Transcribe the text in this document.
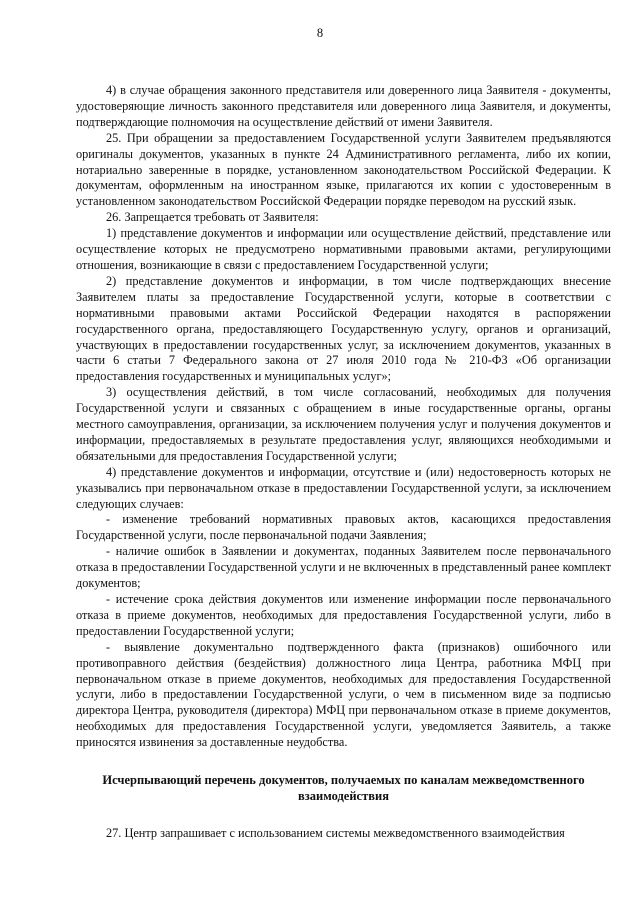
8

4) в случае обращения законного представителя или доверенного лица Заявителя - документы, удостоверяющие личность законного представителя или доверенного лица Заявителя, и документы, подтверждающие полномочия на осуществление действий от имени Заявителя.

25. При обращении за предоставлением Государственной услуги Заявителем предъявляются оригиналы документов, указанных в пункте 24 Административного регламента, либо их копии, нотариально заверенные в порядке, установленном законодательством Российской Федерации. К документам, оформленным на иностранном языке, прилагаются их копии с удостоверенным в установленном законодательством Российской Федерации порядке переводом на русский язык.

26. Запрещается требовать от Заявителя:

1) представление документов и информации или осуществление действий, представление или осуществление которых не предусмотрено нормативными правовыми актами, регулирующими отношения, возникающие в связи с предоставлением Государственной услуги;

2) представление документов и информации, в том числе подтверждающих внесение Заявителем платы за предоставление Государственной услуги, которые в соответствии с нормативными правовыми актами Российской Федерации находятся в распоряжении государственного органа, предоставляющего Государственную услугу, органов и организаций, участвующих в предоставлении государственных услуг, за исключением документов, указанных в части 6 статьи 7 Федерального закона от 27 июля 2010 года № 210-ФЗ «Об организации предоставления государственных и муниципальных услуг»;

3) осуществления действий, в том числе согласований, необходимых для получения Государственной услуги и связанных с обращением в иные государственные органы, органы местного самоуправления, организации, за исключением получения услуг и получения документов и информации, предоставляемых в результате предоставления услуг, являющихся необходимыми и обязательными для предоставления Государственной услуги;

4) представление документов и информации, отсутствие и (или) недостоверность которых не указывались при первоначальном отказе в предоставлении Государственной услуги, за исключением следующих случаев:

- изменение требований нормативных правовых актов, касающихся предоставления Государственной услуги, после первоначальной подачи Заявления;

- наличие ошибок в Заявлении и документах, поданных Заявителем после первоначального отказа в предоставлении Государственной услуги и не включенных в представленный ранее комплект документов;

- истечение срока действия документов или изменение информации после первоначального отказа в приеме документов, необходимых для предоставления Государственной услуги, либо в предоставлении Государственной услуги;

- выявление документально подтвержденного факта (признаков) ошибочного или противоправного действия (бездействия) должностного лица Центра, работника МФЦ при первоначальном отказе в приеме документов, необходимых для предоставления Государственной услуги, либо в предоставлении Государственной услуги, о чем в письменном виде за подписью директора Центра, руководителя (директора) МФЦ при первоначальном отказе в приеме документов, необходимых для предоставления Государственной услуги, уведомляется Заявитель, а также приносятся извинения за доставленные неудобства.

Исчерпывающий перечень документов, получаемых по каналам межведомственного взаимодействия

27. Центр запрашивает с использованием системы межведомственного взаимодействия
